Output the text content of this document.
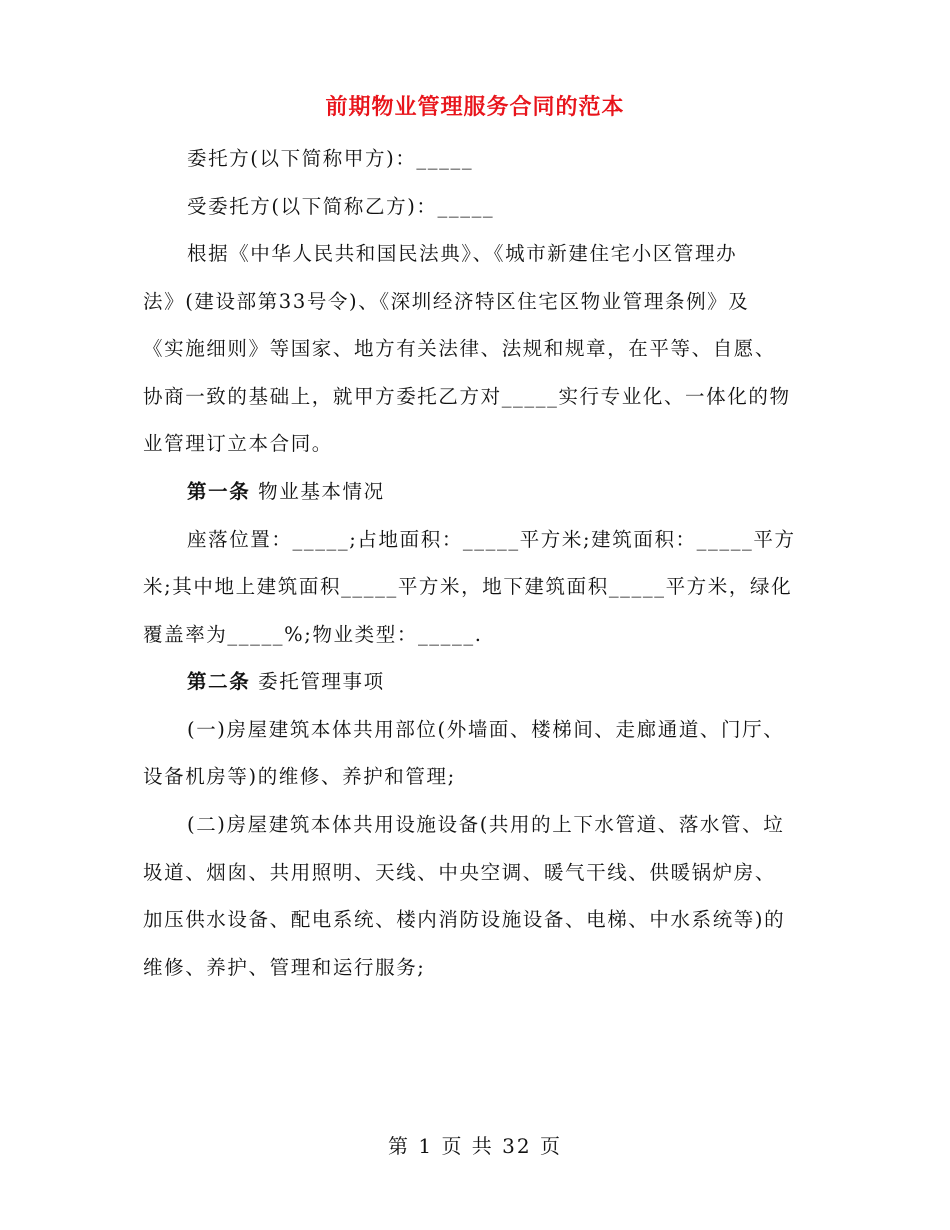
前期物业管理服务合同的范本
委托方(以下简称甲方)：_____
受委托方(以下简称乙方)：_____
根据《中华人民共和国民法典》、《城市新建住宅小区管理办
法》(建设部第33号令)、《深圳经济特区住宅区物业管理条例》及
《实施细则》等国家、地方有关法律、法规和规章，在平等、自愿、
协商一致的基础上，就甲方委托乙方对_____实行专业化、一体化的物
业管理订立本合同。
第一条 物业基本情况
座落位置：_____;占地面积：_____平方米;建筑面积：_____平方
米;其中地上建筑面积_____平方米，地下建筑面积_____平方米，绿化
覆盖率为_____%;物业类型：_____.
第二条 委托管理事项
(一)房屋建筑本体共用部位(外墙面、楼梯间、走廊通道、门厅、
设备机房等)的维修、养护和管理;
(二)房屋建筑本体共用设施设备(共用的上下水管道、落水管、垃
圾道、烟囱、共用照明、天线、中央空调、暖气干线、供暖锅炉房、
加压供水设备、配电系统、楼内消防设施设备、电梯、中水系统等)的
维修、养护、管理和运行服务;
第 1 页 共 32 页
